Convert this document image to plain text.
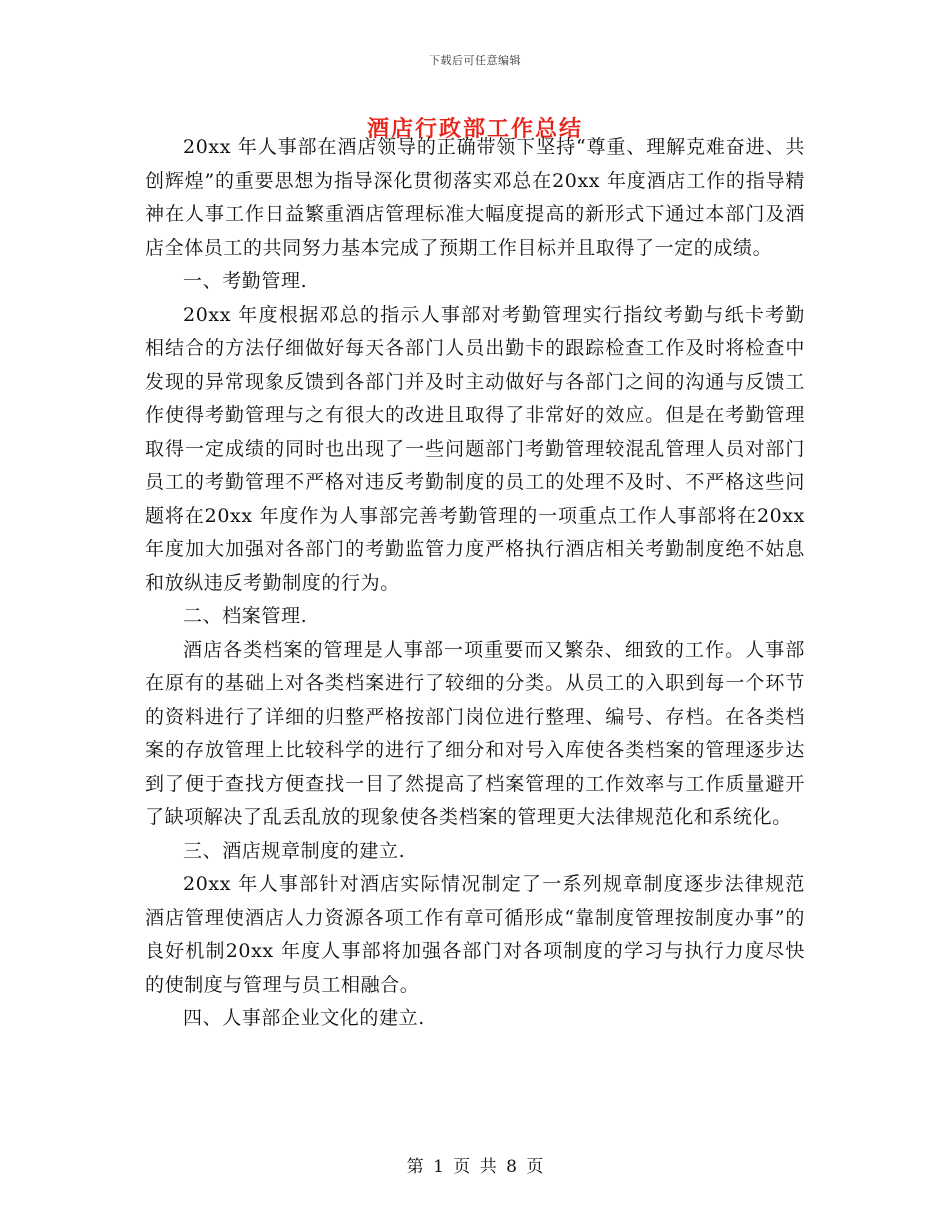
下载后可任意编辑
酒店行政部工作总结

20xx 年人事部在酒店领导的正确带领下坚持“尊重、理解克难奋进、共创辉煌”的重要思想为指导深化贯彻落实邓总在20xx 年度酒店工作的指导精神在人事工作日益繁重酒店管理标准大幅度提高的新形式下通过本部门及酒店全体员工的共同努力基本完成了预期工作目标并且取得了一定的成绩。

一、考勤管理.

20xx 年度根据邓总的指示人事部对考勤管理实行指纹考勤与纸卡考勤相结合的方法仔细做好每天各部门人员出勤卡的跟踪检查工作及时将检查中发现的异常现象反馈到各部门并及时主动做好与各部门之间的沟通与反馈工作使得考勤管理与之有很大的改进且取得了非常好的效应。但是在考勤管理取得一定成绩的同时也出现了一些问题部门考勤管理较混乱管理人员对部门员工的考勤管理不严格对违反考勤制度的员工的处理不及时、不严格这些问题将在20xx 年度作为人事部完善考勤管理的一项重点工作人事部将在20xx 年度加大加强对各部门的考勤监管力度严格执行酒店相关考勤制度绝不姑息和放纵违反考勤制度的行为。

二、档案管理.

酒店各类档案的管理是人事部一项重要而又繁杂、细致的工作。人事部在原有的基础上对各类档案进行了较细的分类。从员工的入职到每一个环节的资料进行了详细的归整严格按部门岗位进行整理、编号、存档。在各类档案的存放管理上比较科学的进行了细分和对号入库使各类档案的管理逐步达到了便于查找方便查找一目了然提高了档案管理的工作效率与工作质量避开了缺项解决了乱丢乱放的现象使各类档案的管理更大法律规范化和系统化。

三、酒店规章制度的建立.

20xx 年人事部针对酒店实际情况制定了一系列规章制度逐步法律规范酒店管理使酒店人力资源各项工作有章可循形成“靠制度管理按制度办事”的良好机制20xx 年度人事部将加强各部门对各项制度的学习与执行力度尽快的使制度与管理与员工相融合。

四、人事部企业文化的建立.

第 1 页 共 8 页
